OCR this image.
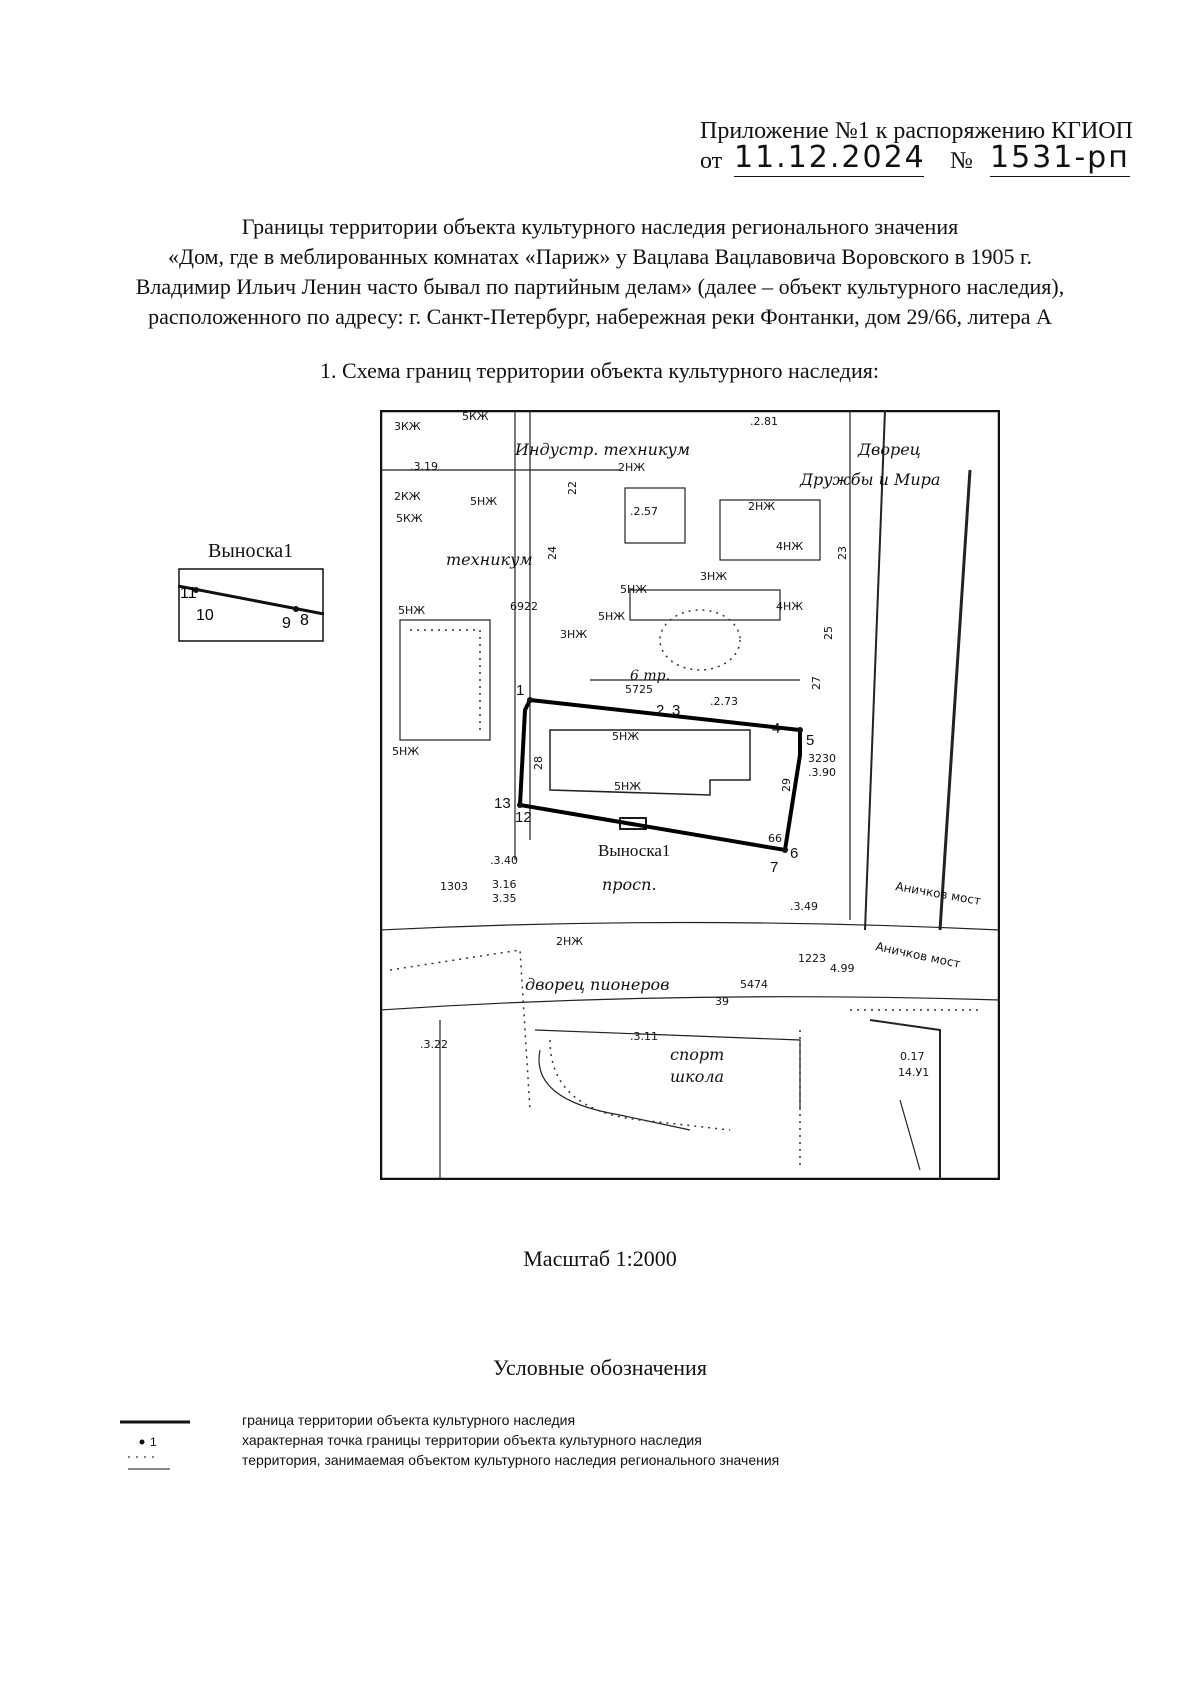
Приложение №1 к распоряжению КГИОП
от 11.12.2024 № 1531-рп
Границы территории объекта культурного наследия регионального значения
«Дом, где в меблированных комнатах «Париж» у Вацлава Вацлавовича Воровского в 1905 г.
Владимир Ильич Ленин часто бывал по партийным делам» (далее – объект культурного наследия),
расположенного по адресу: г. Санкт-Петербург, набережная реки Фонтанки, дом 29/66, литера А
1. Схема границ территории объекта культурного наследия:
Выноска1
11
10	9 8
1
2 3
4
5
6
7
12
13
Индустр. техникум
техникум
Дворец
Дружбы и Мира
просп.
дворец пионеров
спорт
школа
6 тр.
Аничков мост
Аничков мост
Выноска1
3КЖ
5КЖ
2КЖ	5НЖ
5КЖ
2НЖ
2НЖ
5НЖ
3НЖ
4НЖ
3НЖ
5НЖ
5НЖ
5НЖ
5НЖ
5НЖ
2НЖ
4НЖ
.3.19
.2.57
.2.73
5725
.3.40
.3.49
.3.22
.3.11
3.16
3.35
4.99
6922
1303
1223
5474
3230
.3.90
.2.81
24
22
28
29
27
25
23
66
39
0.17
14.У1
Масштаб 1:2000
Условные обозначения
граница территории объекта культурного наследия
1	характерная точка границы территории объекта культурного наследия
территория, занимаемая объектом культурного наследия регионального значения
